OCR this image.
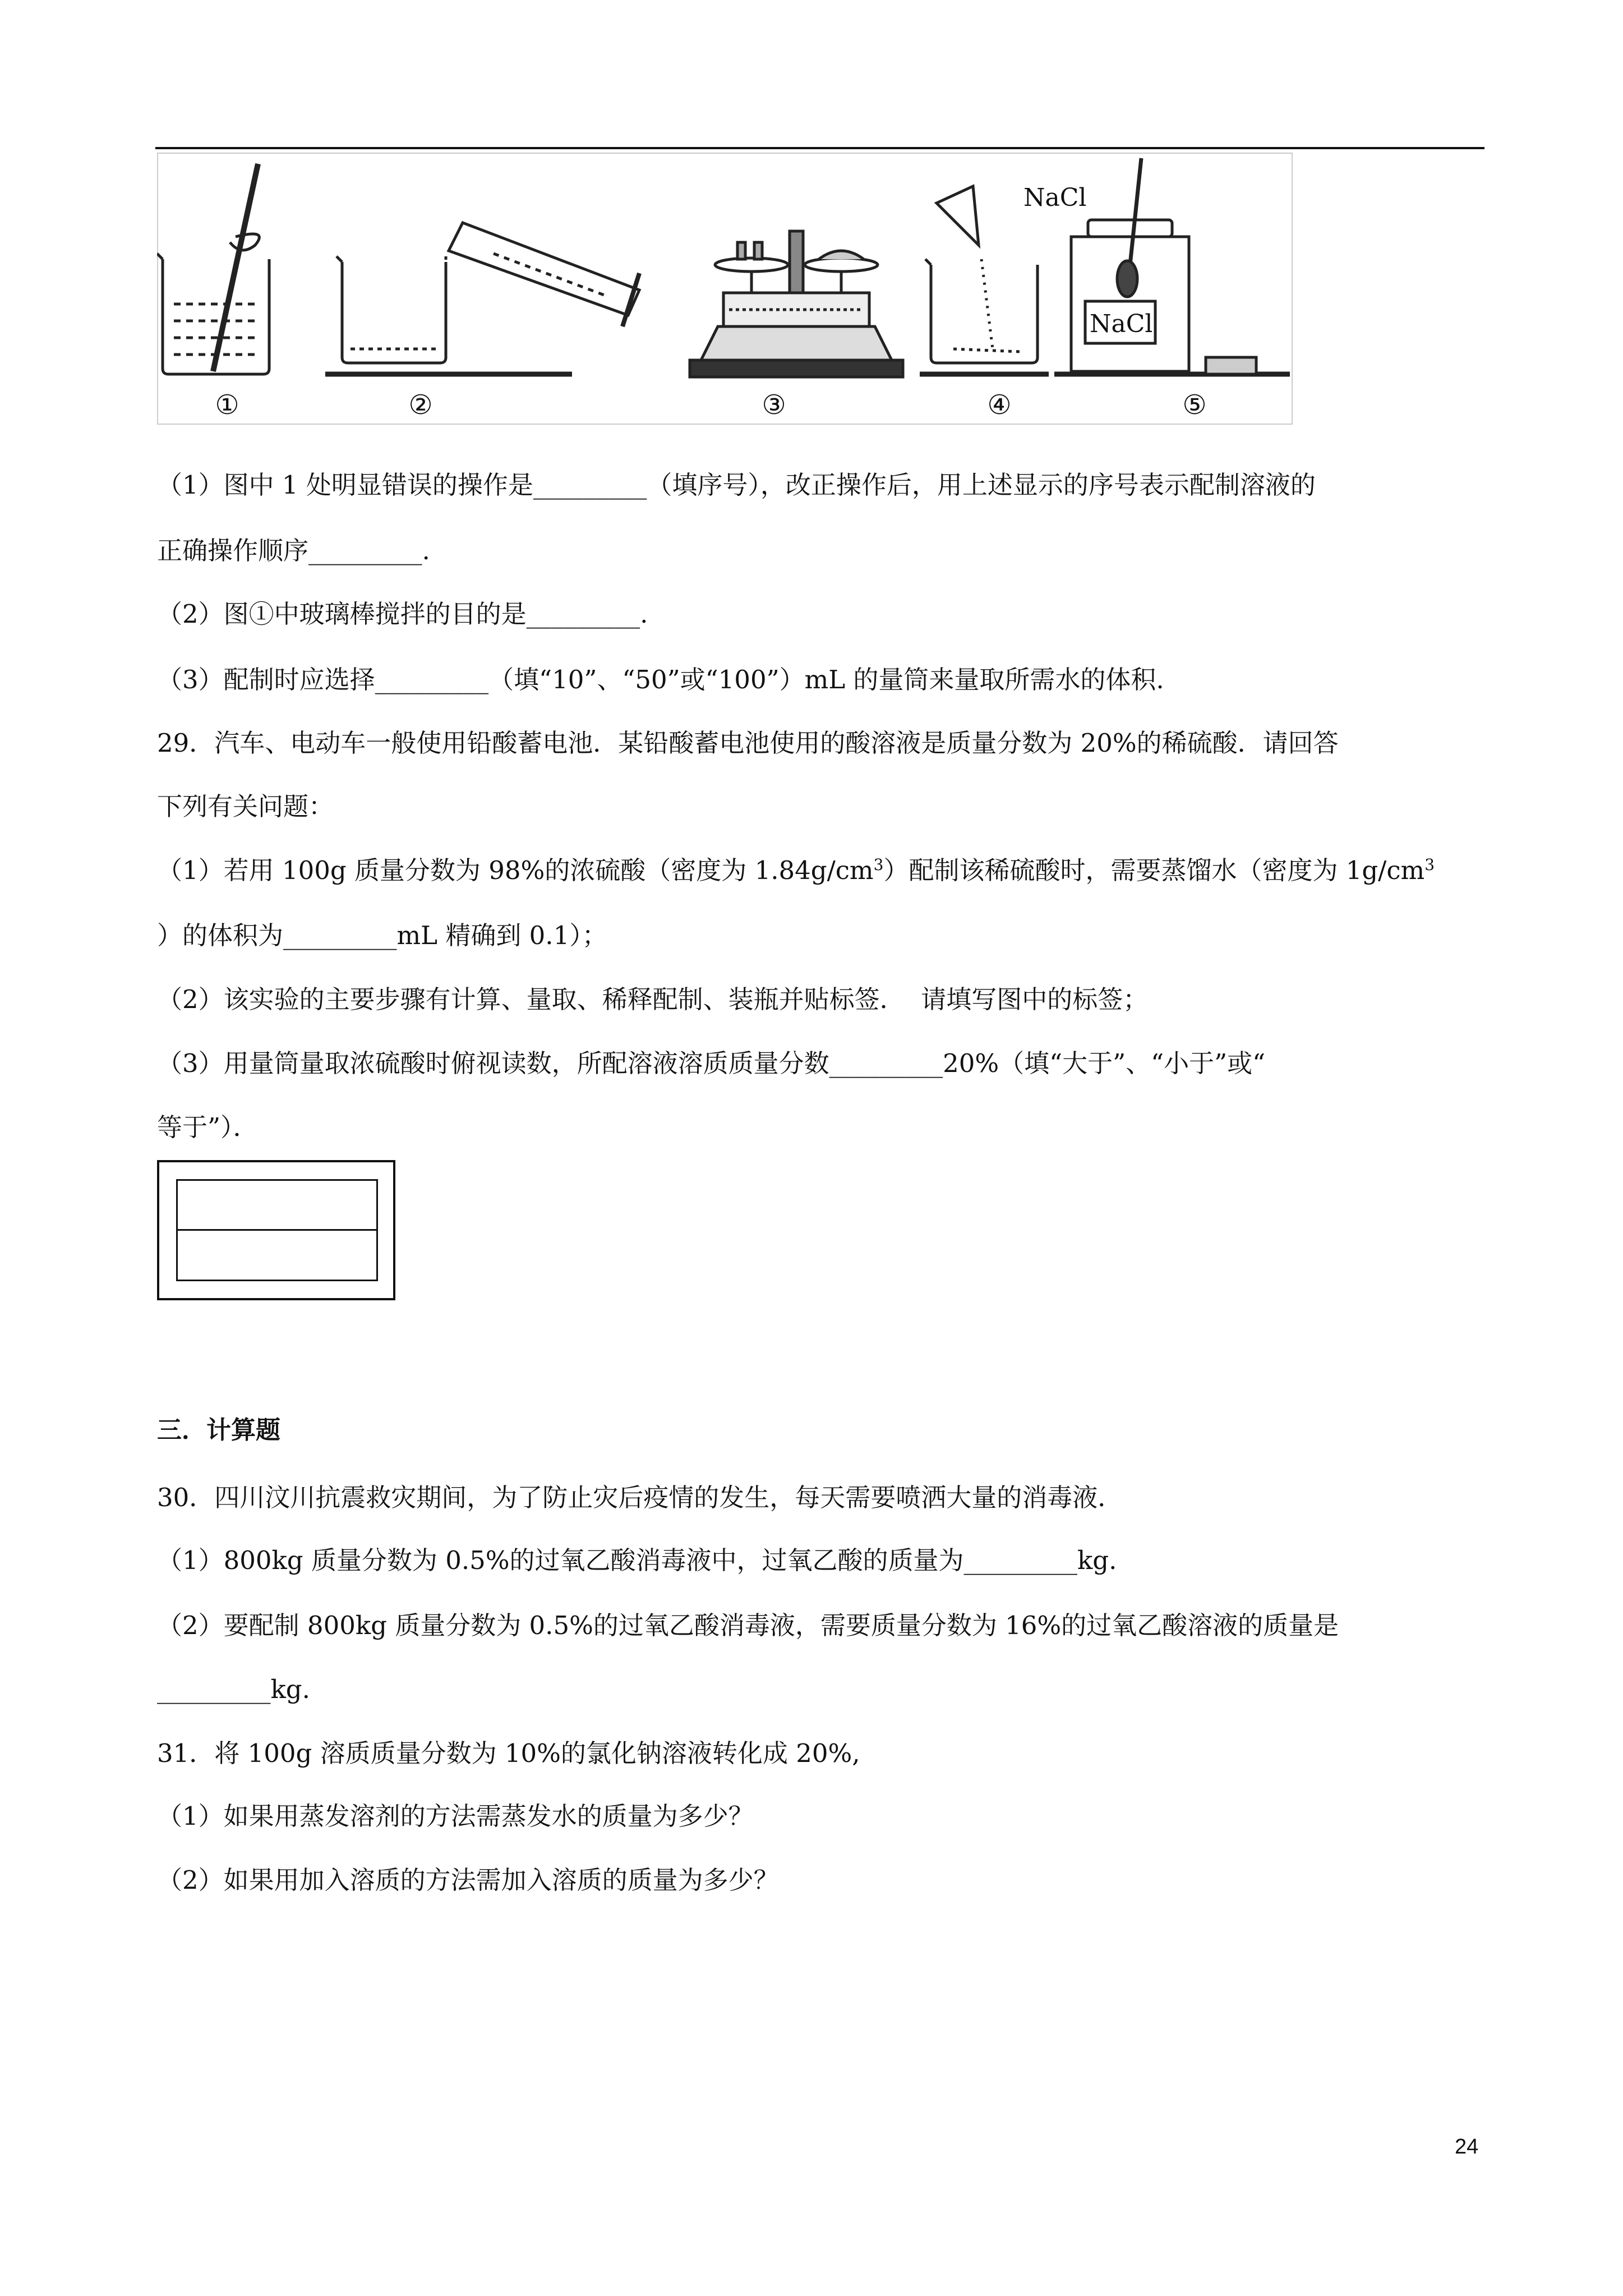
NaCl
NaCl
①	②	③	④	⑤
（1）图中 1 处明显错误的操作是_________（填序号），改正操作后，用上述显示的序号表示配制溶液的
正确操作顺序_________.
（2）图①中玻璃棒搅拌的目的是_________.
（3）配制时应选择_________（填“10”、“50”或“100”）mL 的量筒来量取所需水的体积.
29．汽车、电动车一般使用铅酸蓄电池．某铅酸蓄电池使用的酸溶液是质量分数为 20%的稀硫酸．请回答
下列有关问题：
（1）若用 100g 质量分数为 98%的浓硫酸（密度为 $1.84g/cm^3$）配制该稀硫酸时，需要蒸馏水（密度为 $1g/cm^3$
）的体积为_________mL 精确到 0.1）；
（2）该实验的主要步骤有计算、量取、稀释配制、装瓶并贴标签．  请填写图中的标签；
（3）用量筒量取浓硫酸时俯视读数，所配溶液溶质质量分数_________20%（填“大于”、“小于”或“
等于”）．
三．计算题
30．四川汶川抗震救灾期间，为了防止灾后疫情的发生，每天需要喷洒大量的消毒液．
（1）800kg 质量分数为 0.5%的过氧乙酸消毒液中，过氧乙酸的质量为_________kg.
（2）要配制 800kg 质量分数为 0.5%的过氧乙酸消毒液，需要质量分数为 16%的过氧乙酸溶液的质量是
_________kg.
31．将 100g 溶质质量分数为 10%的氯化钠溶液转化成 20%,
（1）如果用蒸发溶剂的方法需蒸发水的质量为多少？
（2）如果用加入溶质的方法需加入溶质的质量为多少？
24
